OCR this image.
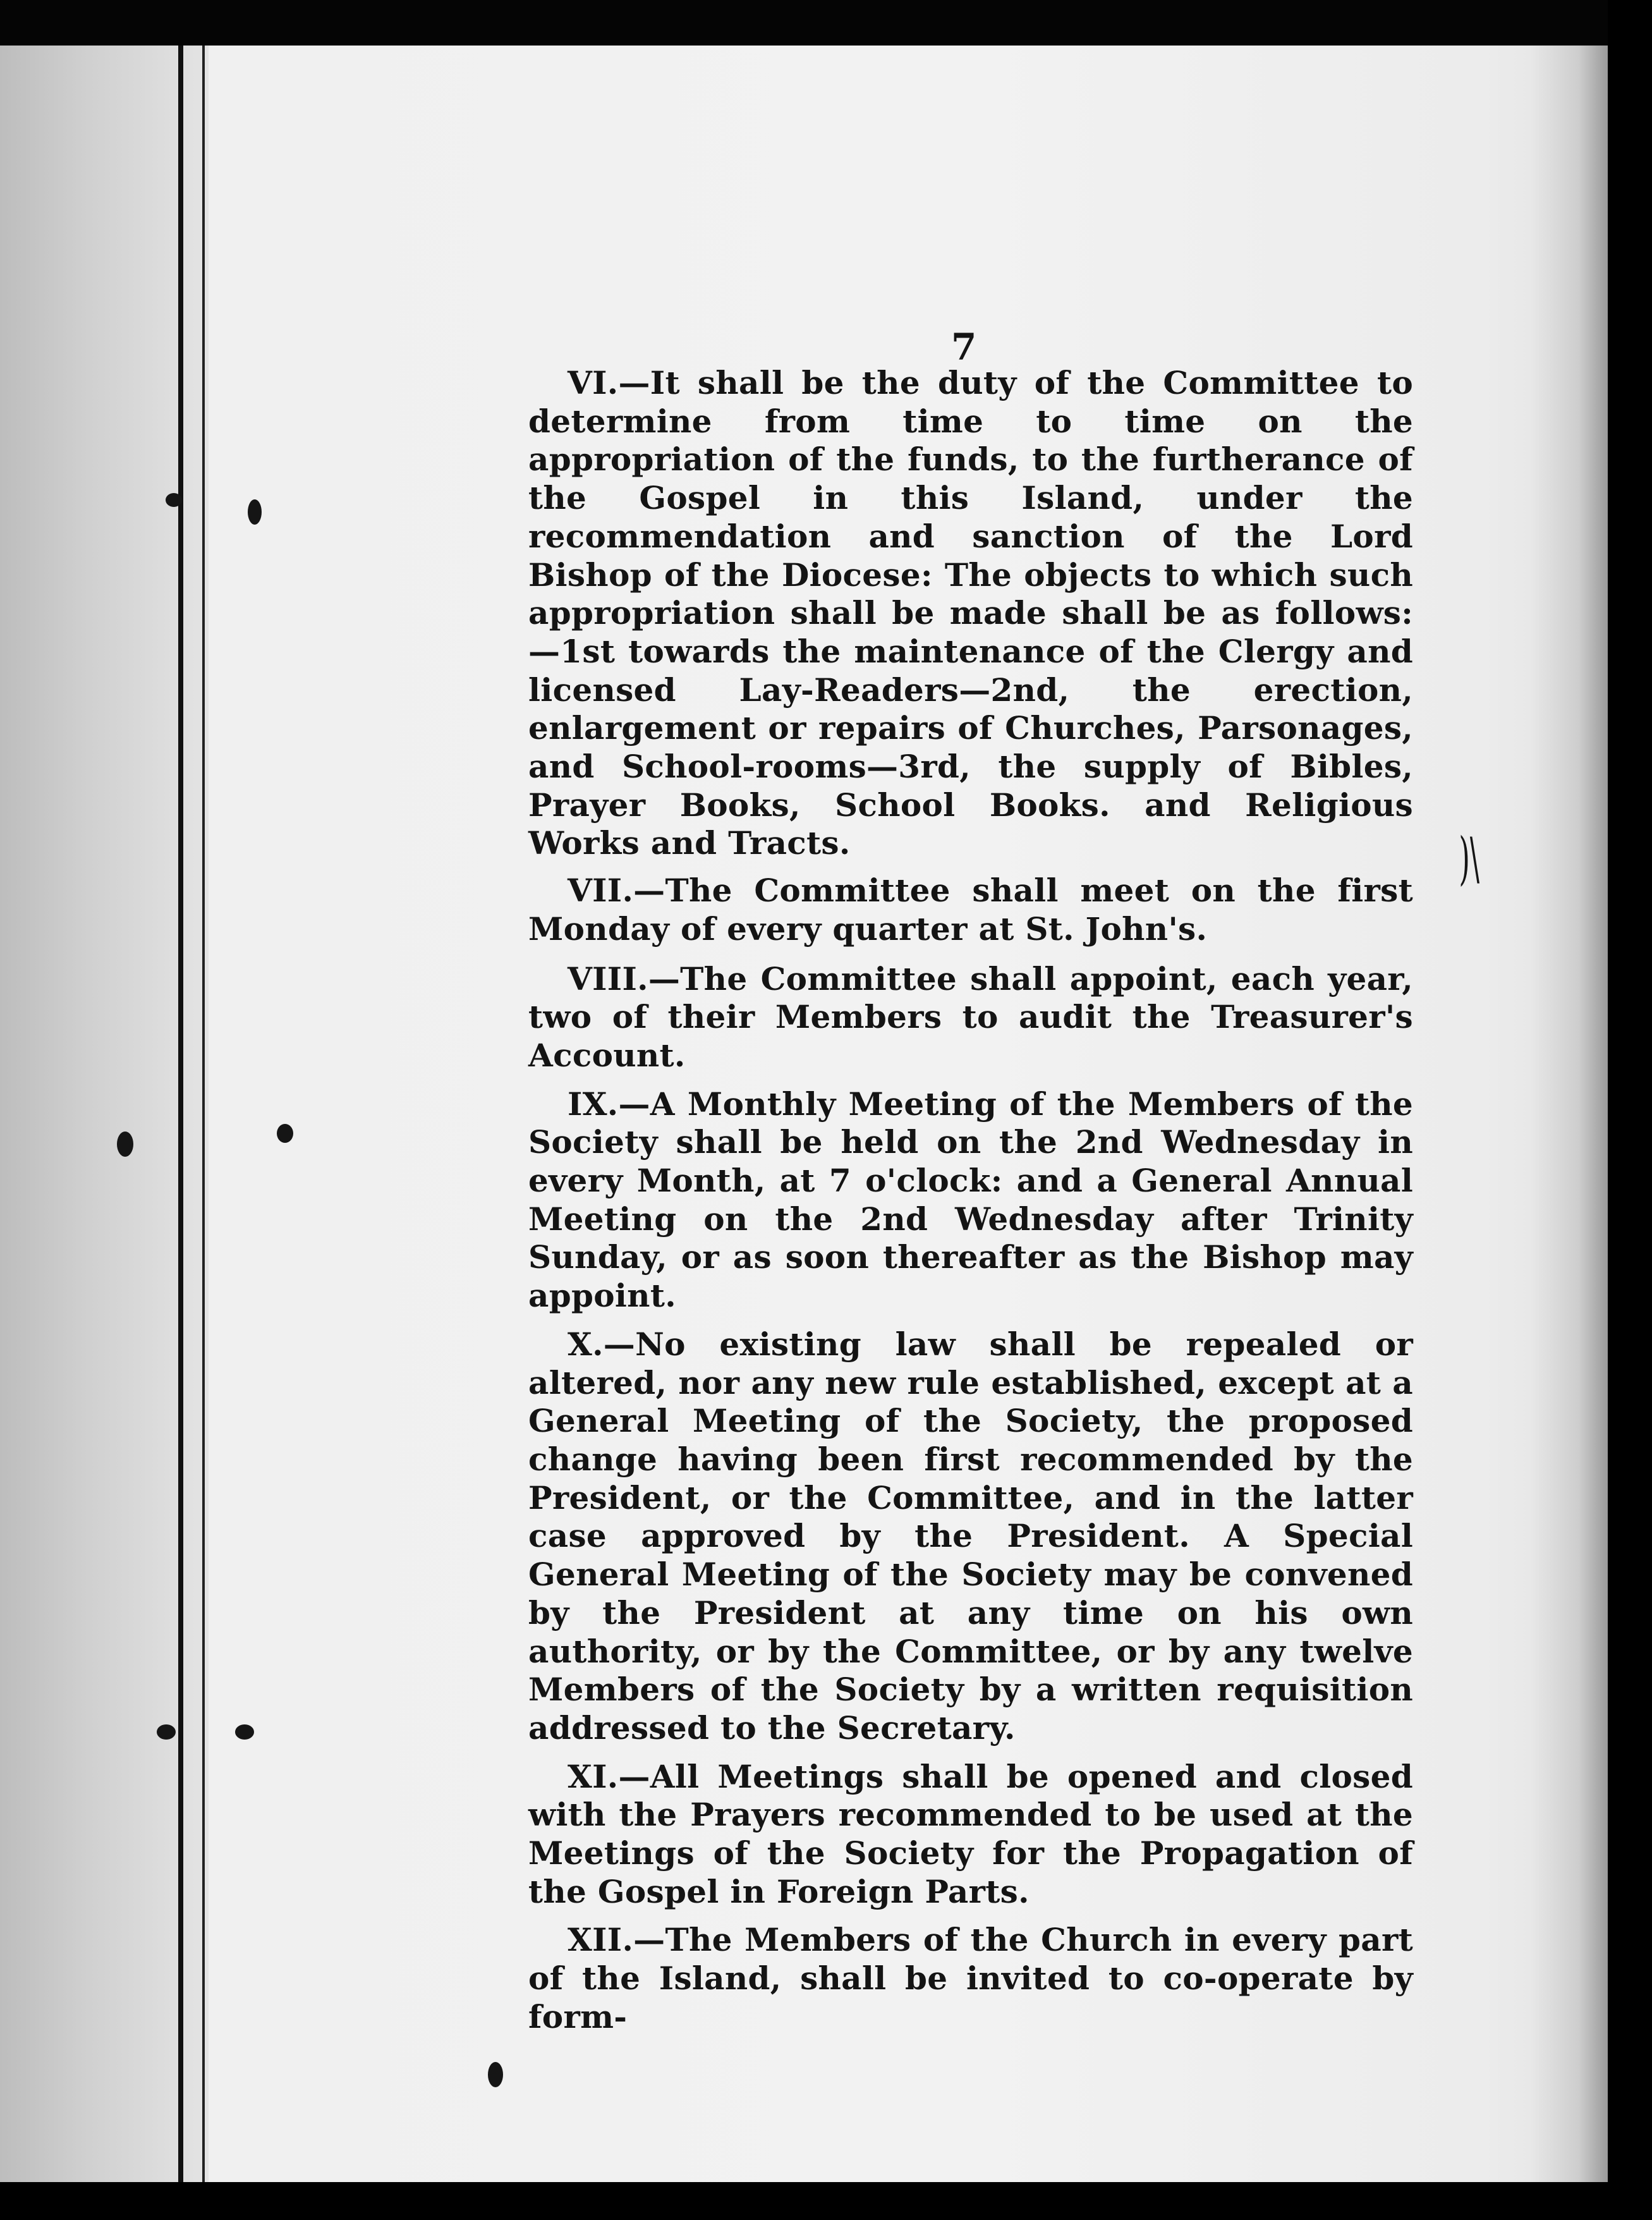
7
)\

VI.—It shall be the duty of the Committee to determine from time to time on the appropriation of the funds, to the furtherance of the Gospel in this Island, under the recommendation and sanction of the Lord Bishop of the Diocese: The objects to which such appropriation shall be made shall be as follows:—1st towards the maintenance of the Clergy and licensed Lay-Readers—2nd, the erection, enlargement or repairs of Churches, Parsonages, and School-rooms—3rd, the supply of Bibles, Prayer Books, School Books. and Religious Works and Tracts.

VII.—The Committee shall meet on the first Monday of every quarter at St. John's.

VIII.—The Committee shall appoint, each year, two of their Members to audit the Treasurer's Account.

IX.—A Monthly Meeting of the Members of the Society shall be held on the 2nd Wednesday in every Month, at 7 o'clock: and a General Annual Meeting on the 2nd Wednesday after Trinity Sunday, or as soon thereafter as the Bishop may appoint.

X.—No existing law shall be repealed or altered, nor any new rule established, except at a General Meeting of the Society, the proposed change having been first recommended by the President, or the Committee, and in the latter case approved by the President. A Special General Meeting of the Society may be convened by the President at any time on his own authority, or by the Committee, or by any twelve Members of the Society by a written requisition addressed to the Secretary.

XI.—All Meetings shall be opened and closed with the Prayers recommended to be used at the Meetings of the Society for the Propagation of the Gospel in Foreign Parts.

XII.—The Members of the Church in every part of the Island, shall be invited to co-operate by form-
